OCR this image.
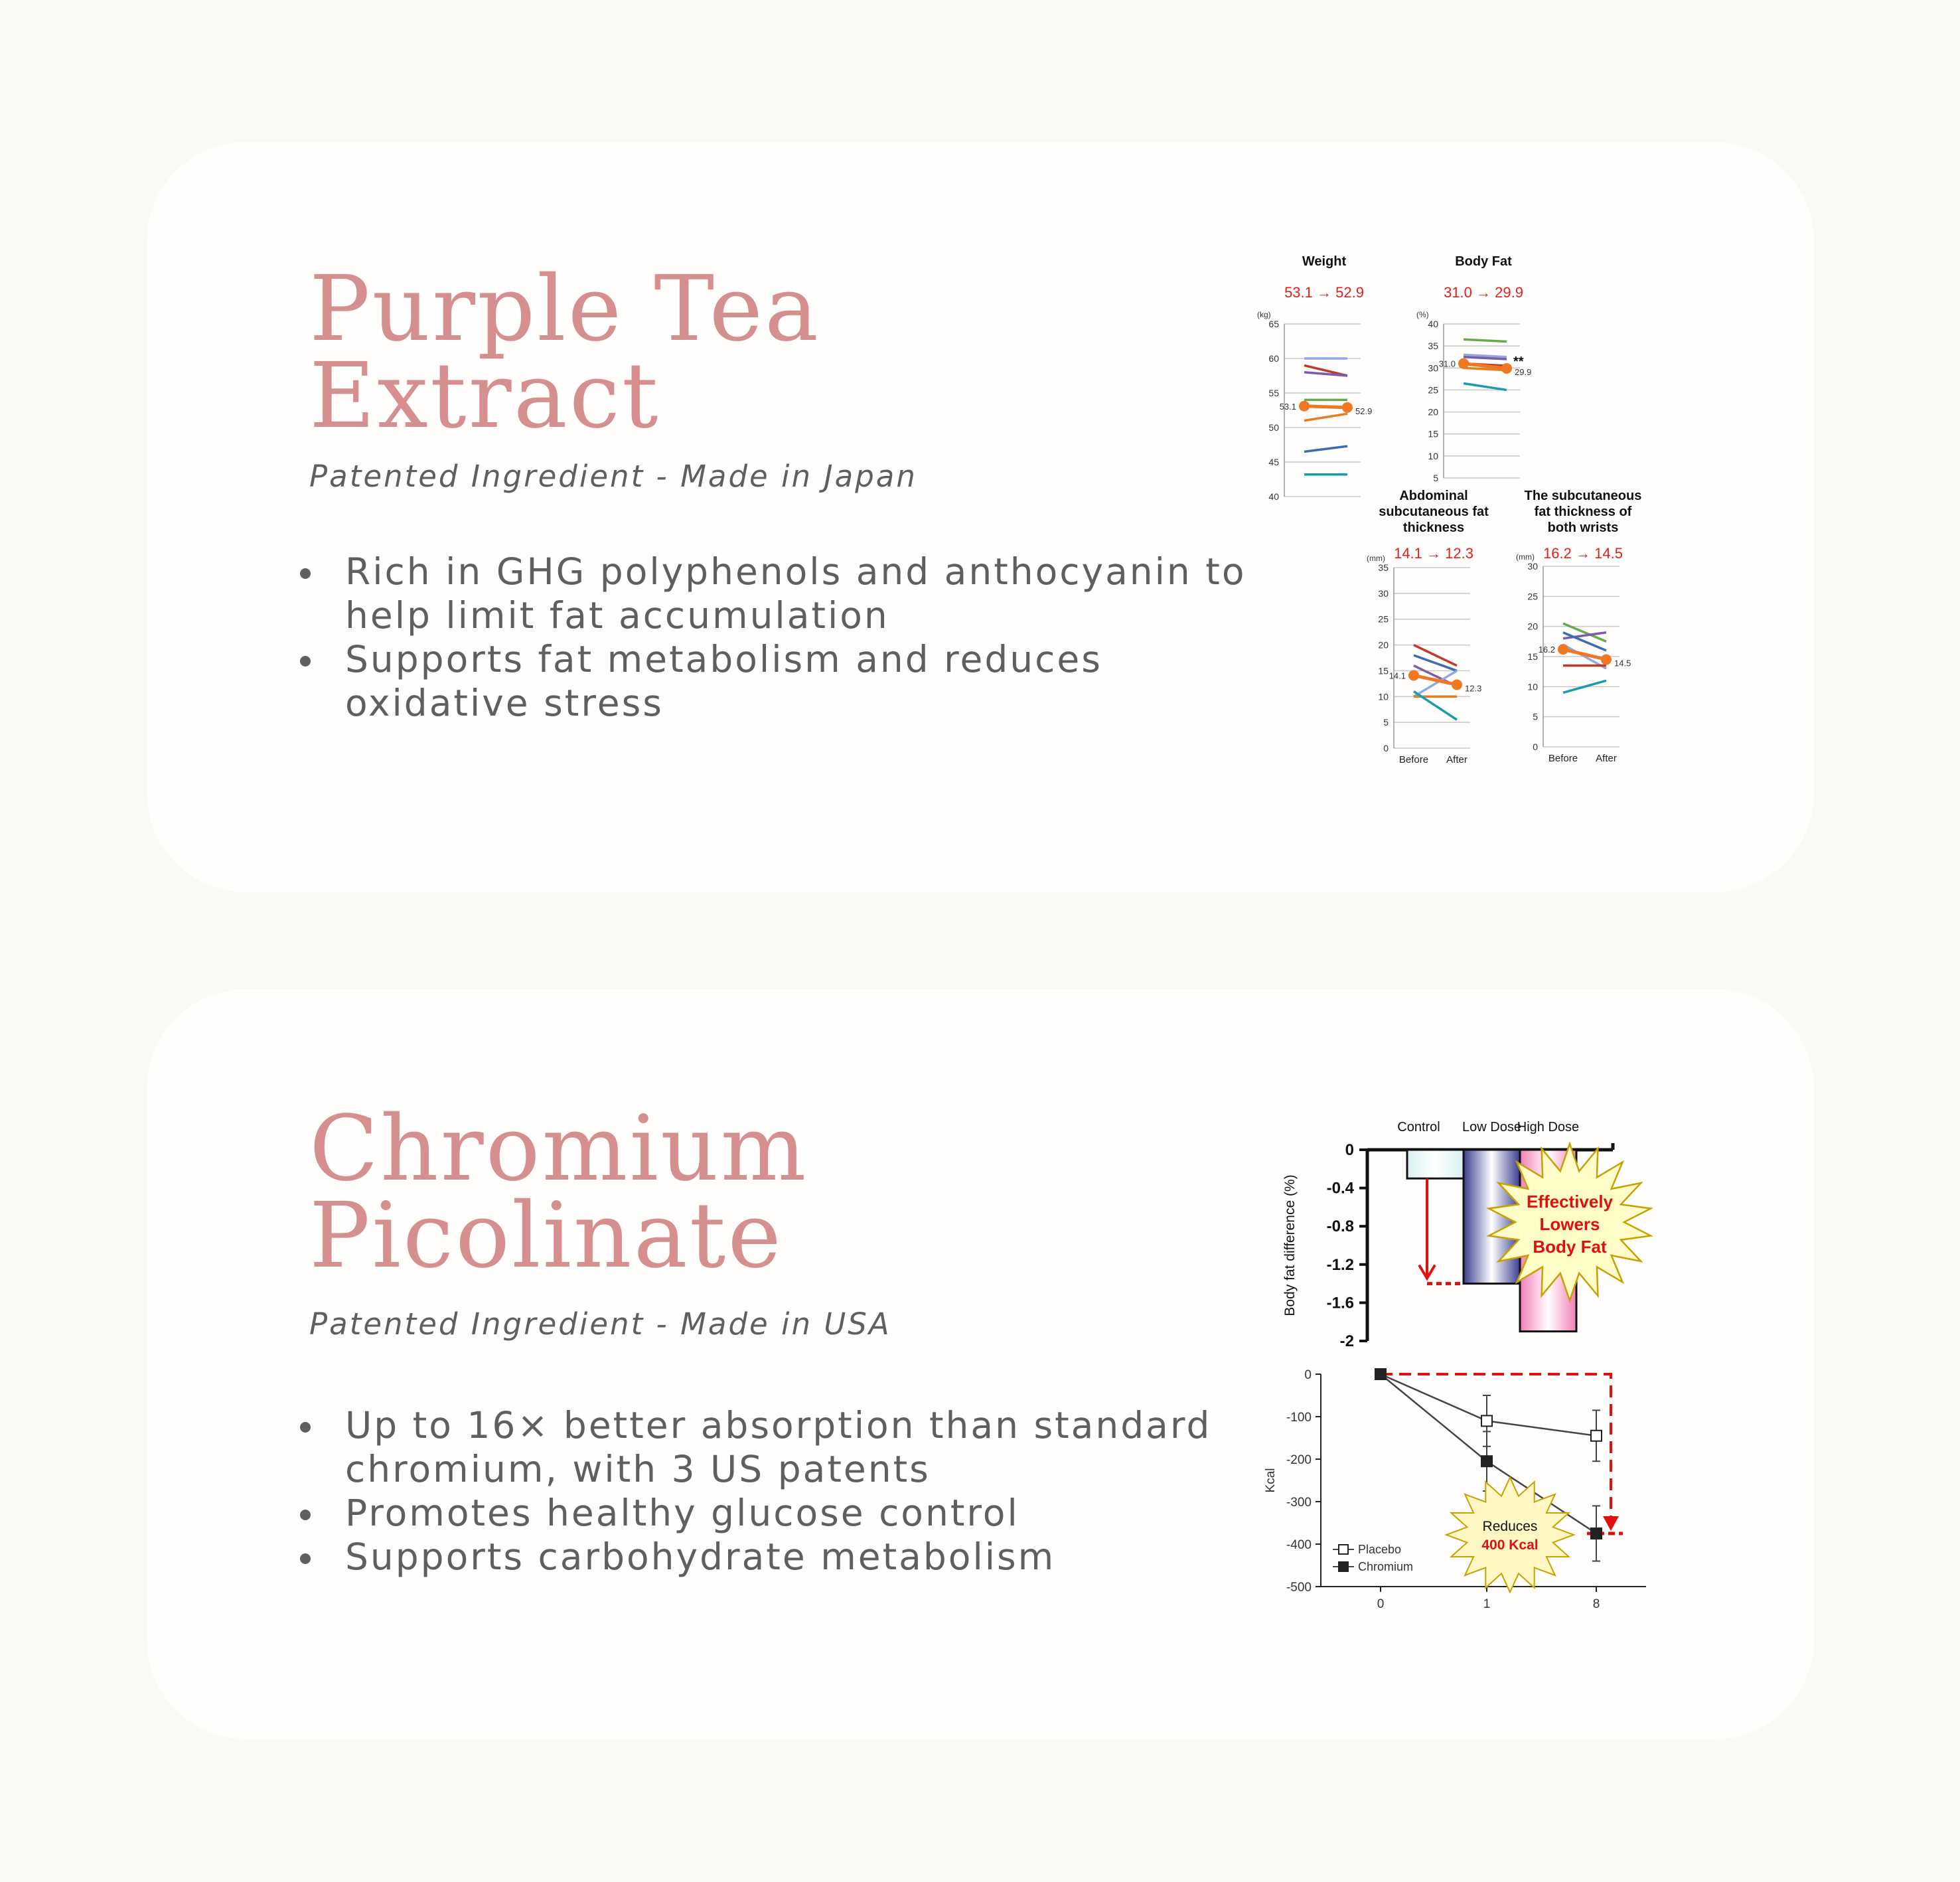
Purple Tea
Extract

Patented Ingredient - Made in Japan

Rich in GHG polyphenols and anthocyanin to help limit fat accumulation
Supports fat metabolism and reduces oxidative stress
Chromium
Picolinate

Patented Ingredient - Made in USA

Up to 16× better absorption than standard chromium, with 3 US patents
Promotes healthy glucose control
Supports carbohydrate metabolism
Weight
53.1 → 52.9
(kg)
65
60
55
50
45
40
53.1	52.9
Body Fat
31.0 → 29.9
(%)
40
35
30
25
20
15
10
5
31.0
29.9
**
Abdominal
subcutaneous fat
thickness
14.1 → 12.3
(mm)
35
30
25
20
15
10
5
0
14.1
12.3
Before After
The subcutaneous
fat thickness of
both wrists
16.2 → 14.5
(mm)
30
25
20
15
10
5
0
16.2
14.5
Before After
0
-0.4
-0.8
-1.2
-1.6
-2
Body fat difference (%)
Control Low Dose
High Dose
Effectively
Lowers
Body Fat
0
-100
-200
-300
-400
-500
0	1	8
Kcal
Placebo
Chromium
Reduces
400 Kcal
